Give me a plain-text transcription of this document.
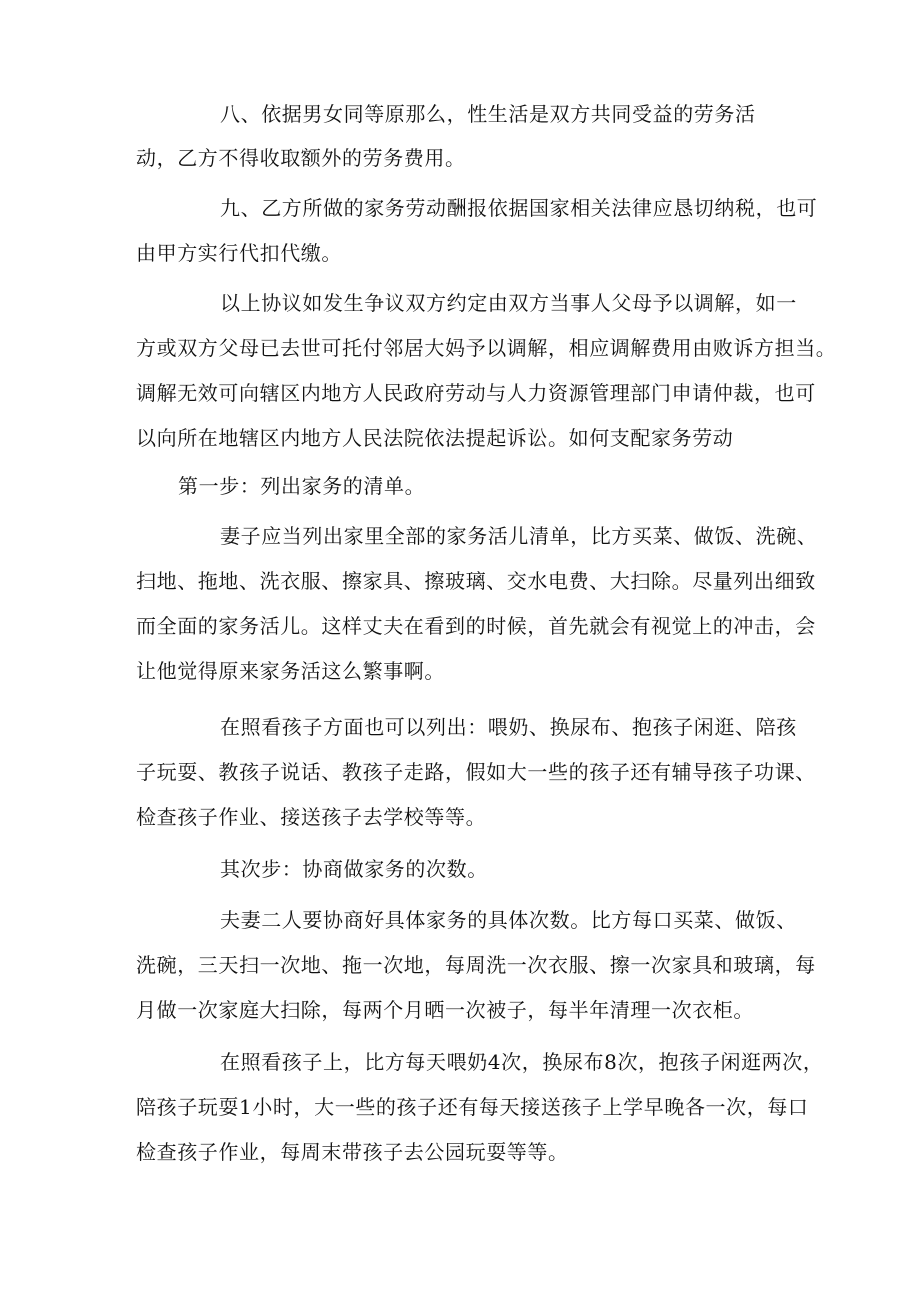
八、依据男女同等原那么，性生活是双方共同受益的劳务活
动，乙方不得收取额外的劳务费用。
九、乙方所做的家务劳动酬报依据国家相关法律应恳切纳税，也可
由甲方实行代扣代缴。
以上协议如发生争议双方约定由双方当事人父母予以调解，如一
方或双方父母已去世可托付邻居大妈予以调解，相应调解费用由败诉方担当。
调解无效可向辖区内地方人民政府劳动与人力资源管理部门申请仲裁，也可
以向所在地辖区内地方人民法院依法提起诉讼。如何支配家务劳动
第一步：列出家务的清单。
妻子应当列出家里全部的家务活儿清单，比方买菜、做饭、洗碗、
扫地、拖地、洗衣服、擦家具、擦玻璃、交水电费、大扫除。尽量列出细致
而全面的家务活儿。这样丈夫在看到的时候，首先就会有视觉上的冲击，会
让他觉得原来家务活这么繁事啊。
在照看孩子方面也可以列出：喂奶、换尿布、抱孩子闲逛、陪孩
子玩耍、教孩子说话、教孩子走路，假如大一些的孩子还有辅导孩子功课、
检查孩子作业、接送孩子去学校等等。
其次步：协商做家务的次数。
夫妻二人要协商好具体家务的具体次数。比方每口买菜、做饭、
洗碗，三天扫一次地、拖一次地，每周洗一次衣服、擦一次家具和玻璃，每
月做一次家庭大扫除，每两个月晒一次被子，每半年清理一次衣柜。
在照看孩子上，比方每天喂奶4次，换尿布8次，抱孩子闲逛两次，
陪孩子玩耍1小时，大一些的孩子还有每天接送孩子上学早晚各一次，每口
检查孩子作业，每周末带孩子去公园玩耍等等。
